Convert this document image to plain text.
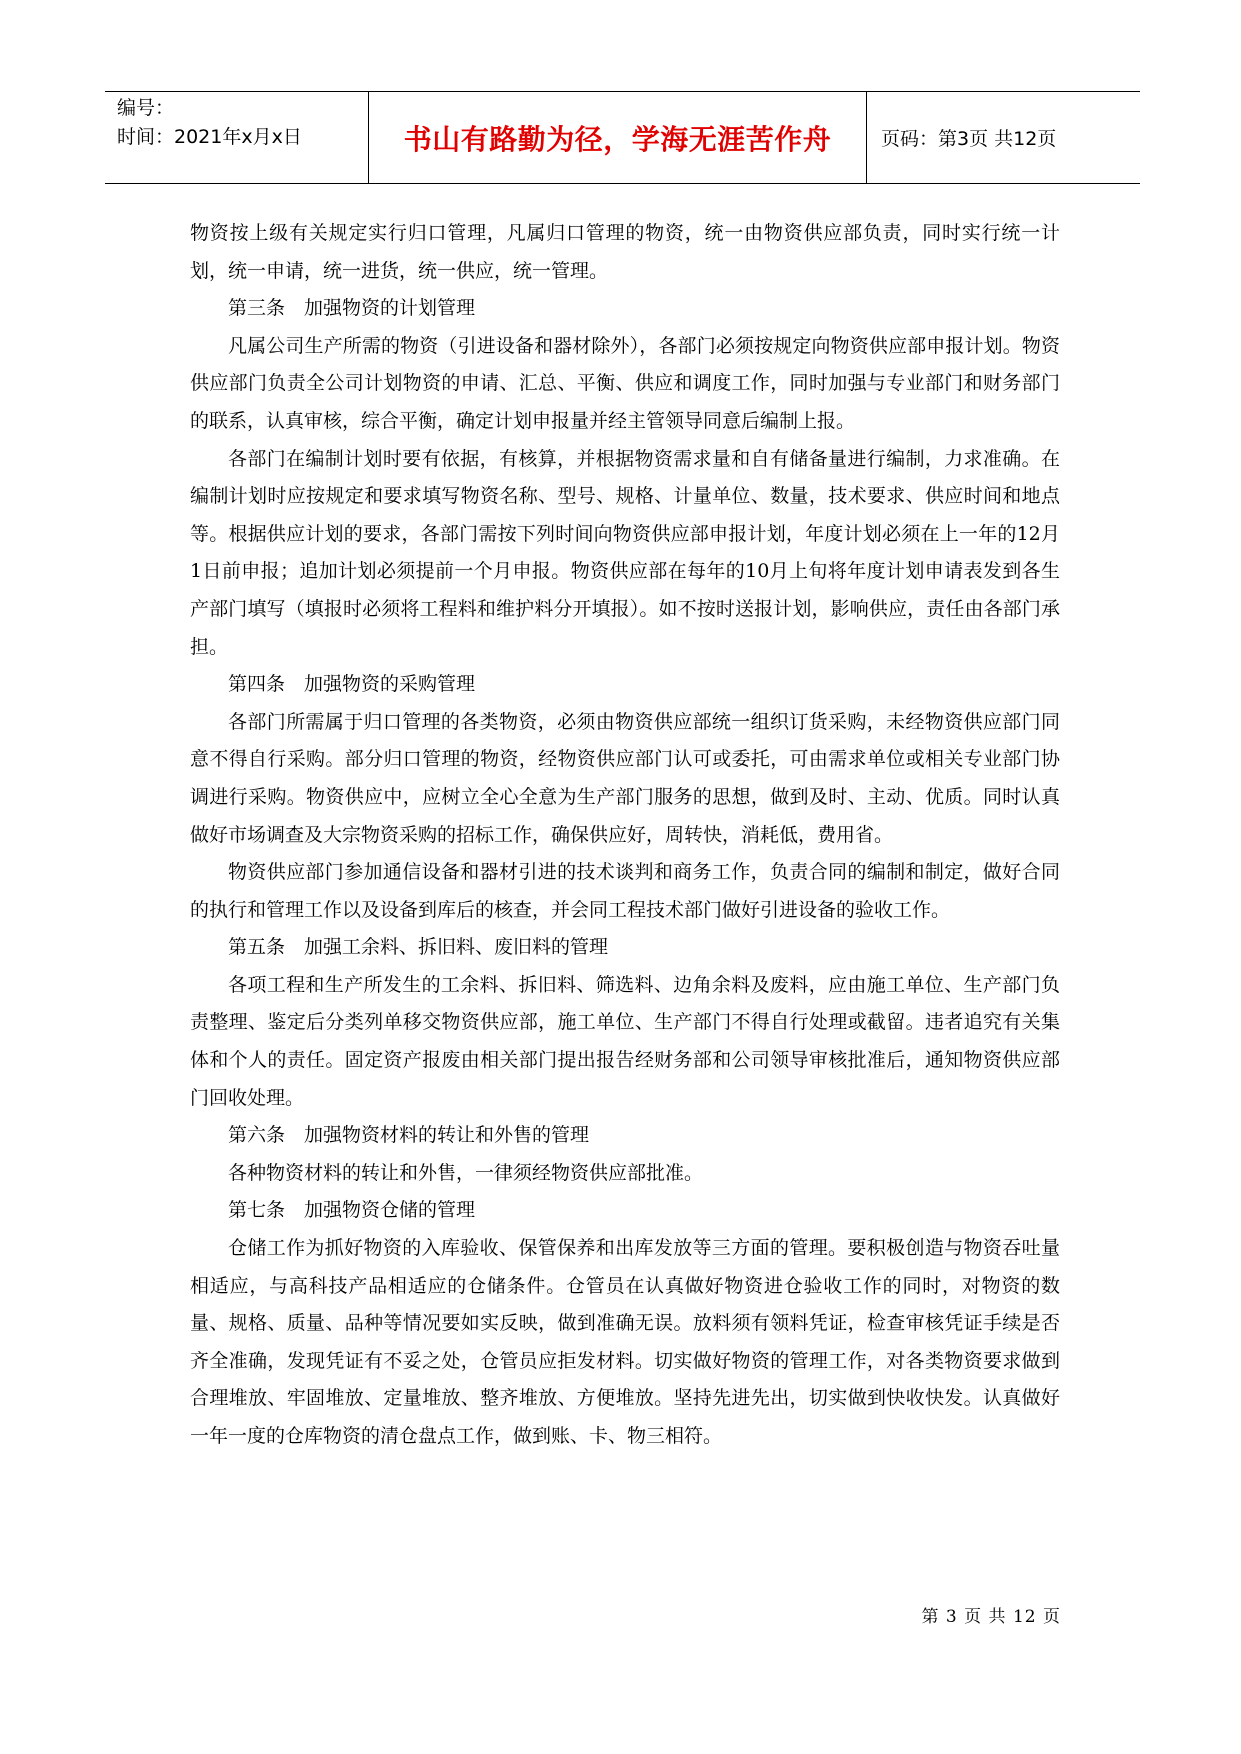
编号：
时间：2021年x月x日	书山有路勤为径，学海无涯苦作舟	页码：第3页 共12页

物资按上级有关规定实行归口管理，凡属归口管理的物资，统一由物资供应部负责，同时实行统一计划，统一申请，统一进货，统一供应，统一管理。

第三条　加强物资的计划管理

凡属公司生产所需的物资（引进设备和器材除外），各部门必须按规定向物资供应部申报计划。物资供应部门负责全公司计划物资的申请、汇总、平衡、供应和调度工作，同时加强与专业部门和财务部门的联系，认真审核，综合平衡，确定计划申报量并经主管领导同意后编制上报。

各部门在编制计划时要有依据，有核算，并根据物资需求量和自有储备量进行编制，力求准确。在编制计划时应按规定和要求填写物资名称、型号、规格、计量单位、数量，技术要求、供应时间和地点等。根据供应计划的要求，各部门需按下列时间向物资供应部申报计划，年度计划必须在上一年的12月1日前申报；追加计划必须提前一个月申报。物资供应部在每年的10月上旬将年度计划申请表发到各生产部门填写（填报时必须将工程料和维护料分开填报）。如不按时送报计划，影响供应，责任由各部门承担。

第四条　加强物资的采购管理

各部门所需属于归口管理的各类物资，必须由物资供应部统一组织订货采购，未经物资供应部门同意不得自行采购。部分归口管理的物资，经物资供应部门认可或委托，可由需求单位或相关专业部门协调进行采购。物资供应中，应树立全心全意为生产部门服务的思想，做到及时、主动、优质。同时认真做好市场调查及大宗物资采购的招标工作，确保供应好，周转快，消耗低，费用省。

物资供应部门参加通信设备和器材引进的技术谈判和商务工作，负责合同的编制和制定，做好合同的执行和管理工作以及设备到库后的核查，并会同工程技术部门做好引进设备的验收工作。

第五条　加强工余料、拆旧料、废旧料的管理

各项工程和生产所发生的工余料、拆旧料、筛选料、边角余料及废料，应由施工单位、生产部门负责整理、鉴定后分类列单移交物资供应部，施工单位、生产部门不得自行处理或截留。违者追究有关集体和个人的责任。固定资产报废由相关部门提出报告经财务部和公司领导审核批准后，通知物资供应部门回收处理。

第六条　加强物资材料的转让和外售的管理

各种物资材料的转让和外售，一律须经物资供应部批准。

第七条　加强物资仓储的管理

仓储工作为抓好物资的入库验收、保管保养和出库发放等三方面的管理。要积极创造与物资吞吐量相适应，与高科技产品相适应的仓储条件。仓管员在认真做好物资进仓验收工作的同时，对物资的数量、规格、质量、品种等情况要如实反映，做到准确无误。放料须有领料凭证，检查审核凭证手续是否齐全准确，发现凭证有不妥之处，仓管员应拒发材料。切实做好物资的管理工作，对各类物资要求做到合理堆放、牢固堆放、定量堆放、整齐堆放、方便堆放。坚持先进先出，切实做到快收快发。认真做好一年一度的仓库物资的清仓盘点工作，做到账、卡、物三相符。

第 3 页 共 12 页
